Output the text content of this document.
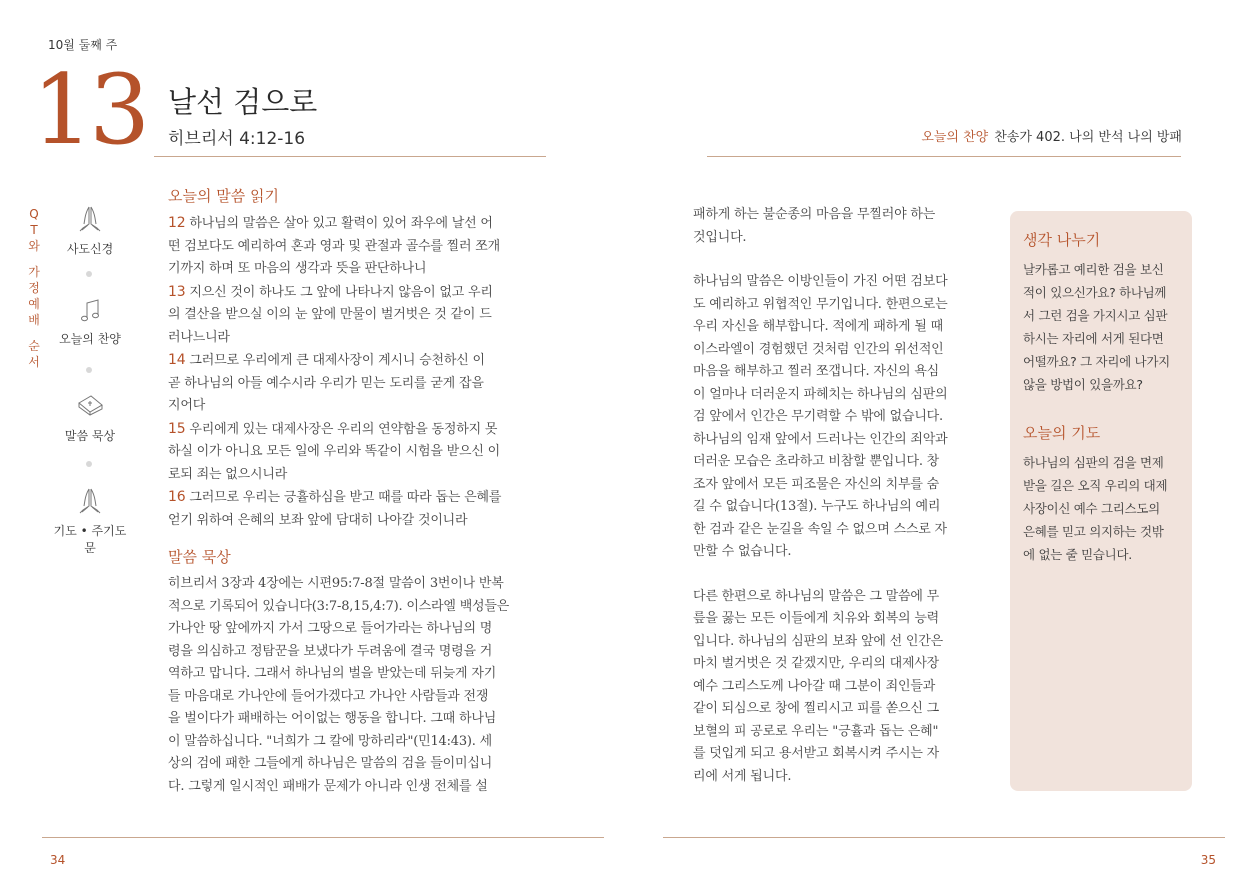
10월 둘째 주
13 날선 검으로
히브리서 4:12-16	오늘의 찬양 찬송가 402. 나의 반석 나의 방패
Q
T
와
가
정
예
배
순
서
사도신경
오늘의 찬양
말씀 묵상
기도 • 주기도문
오늘의 말씀 읽기
12 하나님의 말씀은 살아 있고 활력이 있어 좌우에 날선 어
떤 검보다도 예리하여 혼과 영과 및 관절과 골수를 찔러 쪼개
기까지 하며 또 마음의 생각과 뜻을 판단하나니
13 지으신 것이 하나도 그 앞에 나타나지 않음이 없고 우리
의 결산을 받으실 이의 눈 앞에 만물이 벌거벗은 것 같이 드
러나느니라
14 그러므로 우리에게 큰 대제사장이 계시니 승천하신 이
곧 하나님의 아들 예수시라 우리가 믿는 도리를 굳게 잡을
지어다
15 우리에게 있는 대제사장은 우리의 연약함을 동정하지 못
하실 이가 아니요 모든 일에 우리와 똑같이 시험을 받으신 이
로되 죄는 없으시니라
16 그러므로 우리는 긍휼하심을 받고 때를 따라 돕는 은혜를
얻기 위하여 은혜의 보좌 앞에 담대히 나아갈 것이니라
말씀 묵상
히브리서 3장과 4장에는 시편95:7-8절 말씀이 3번이나 반복
적으로 기록되어 있습니다(3:7-8,15,4:7). 이스라엘 백성들은
가나안 땅 앞에까지 가서 그땅으로 들어가라는 하나님의 명
령을 의심하고 정탐꾼을 보냈다가 두려움에 결국 명령을 거
역하고 맙니다. 그래서 하나님의 벌을 받았는데 뒤늦게 자기
들 마음대로 가나안에 들어가겠다고 가나안 사람들과 전쟁
을 벌이다가 패배하는 어이없는 행동을 합니다. 그때 하나님
이 말씀하십니다. "너희가 그 칼에 망하리라"(민14:43). 세
상의 검에 패한 그들에게 하나님은 말씀의 검을 들이미십니
다. 그렇게 일시적인 패배가 문제가 아니라 인생 전체를 설
패하게 하는 불순종의 마음을 무찔러야 하는
것입니다.
하나님의 말씀은 이방인들이 가진 어떤 검보다
도 예리하고 위협적인 무기입니다. 한편으로는
우리 자신을 해부합니다. 적에게 패하게 될 때
이스라엘이 경험했던 것처럼 인간의 위선적인
마음을 해부하고 찔러 쪼갭니다. 자신의 욕심
이 얼마나 더러운지 파헤치는 하나님의 심판의
검 앞에서 인간은 무기력할 수 밖에 없습니다.
하나님의 임재 앞에서 드러나는 인간의 죄악과
더러운 모습은 초라하고 비참할 뿐입니다. 창
조자 앞에서 모든 피조물은 자신의 치부를 숨
길 수 없습니다(13절). 누구도 하나님의 예리
한 검과 같은 눈길을 속일 수 없으며 스스로 자
만할 수 없습니다.
다른 한편으로 하나님의 말씀은 그 말씀에 무
릎을 꿇는 모든 이들에게 치유와 회복의 능력
입니다. 하나님의 심판의 보좌 앞에 선 인간은
마치 벌거벗은 것 같겠지만, 우리의 대제사장
예수 그리스도께 나아갈 때 그분이 죄인들과
같이 되심으로 창에 찔리시고 피를 쏟으신 그
보혈의 피 공로로 우리는 "긍휼과 돕는 은혜"
를 덧입게 되고 용서받고 회복시켜 주시는 자
리에 서게 됩니다.
생각 나누기
날카롭고 예리한 검을 보신
적이 있으신가요? 하나님께
서 그런 검을 가지시고 심판
하시는 자리에 서게 된다면
어떨까요? 그 자리에 나가지
않을 방법이 있을까요?
오늘의 기도
하나님의 심판의 검을 면제
받을 길은 오직 우리의 대제
사장이신 예수 그리스도의
은혜를 믿고 의지하는 것밖
에 없는 줄 믿습니다.
34	35
